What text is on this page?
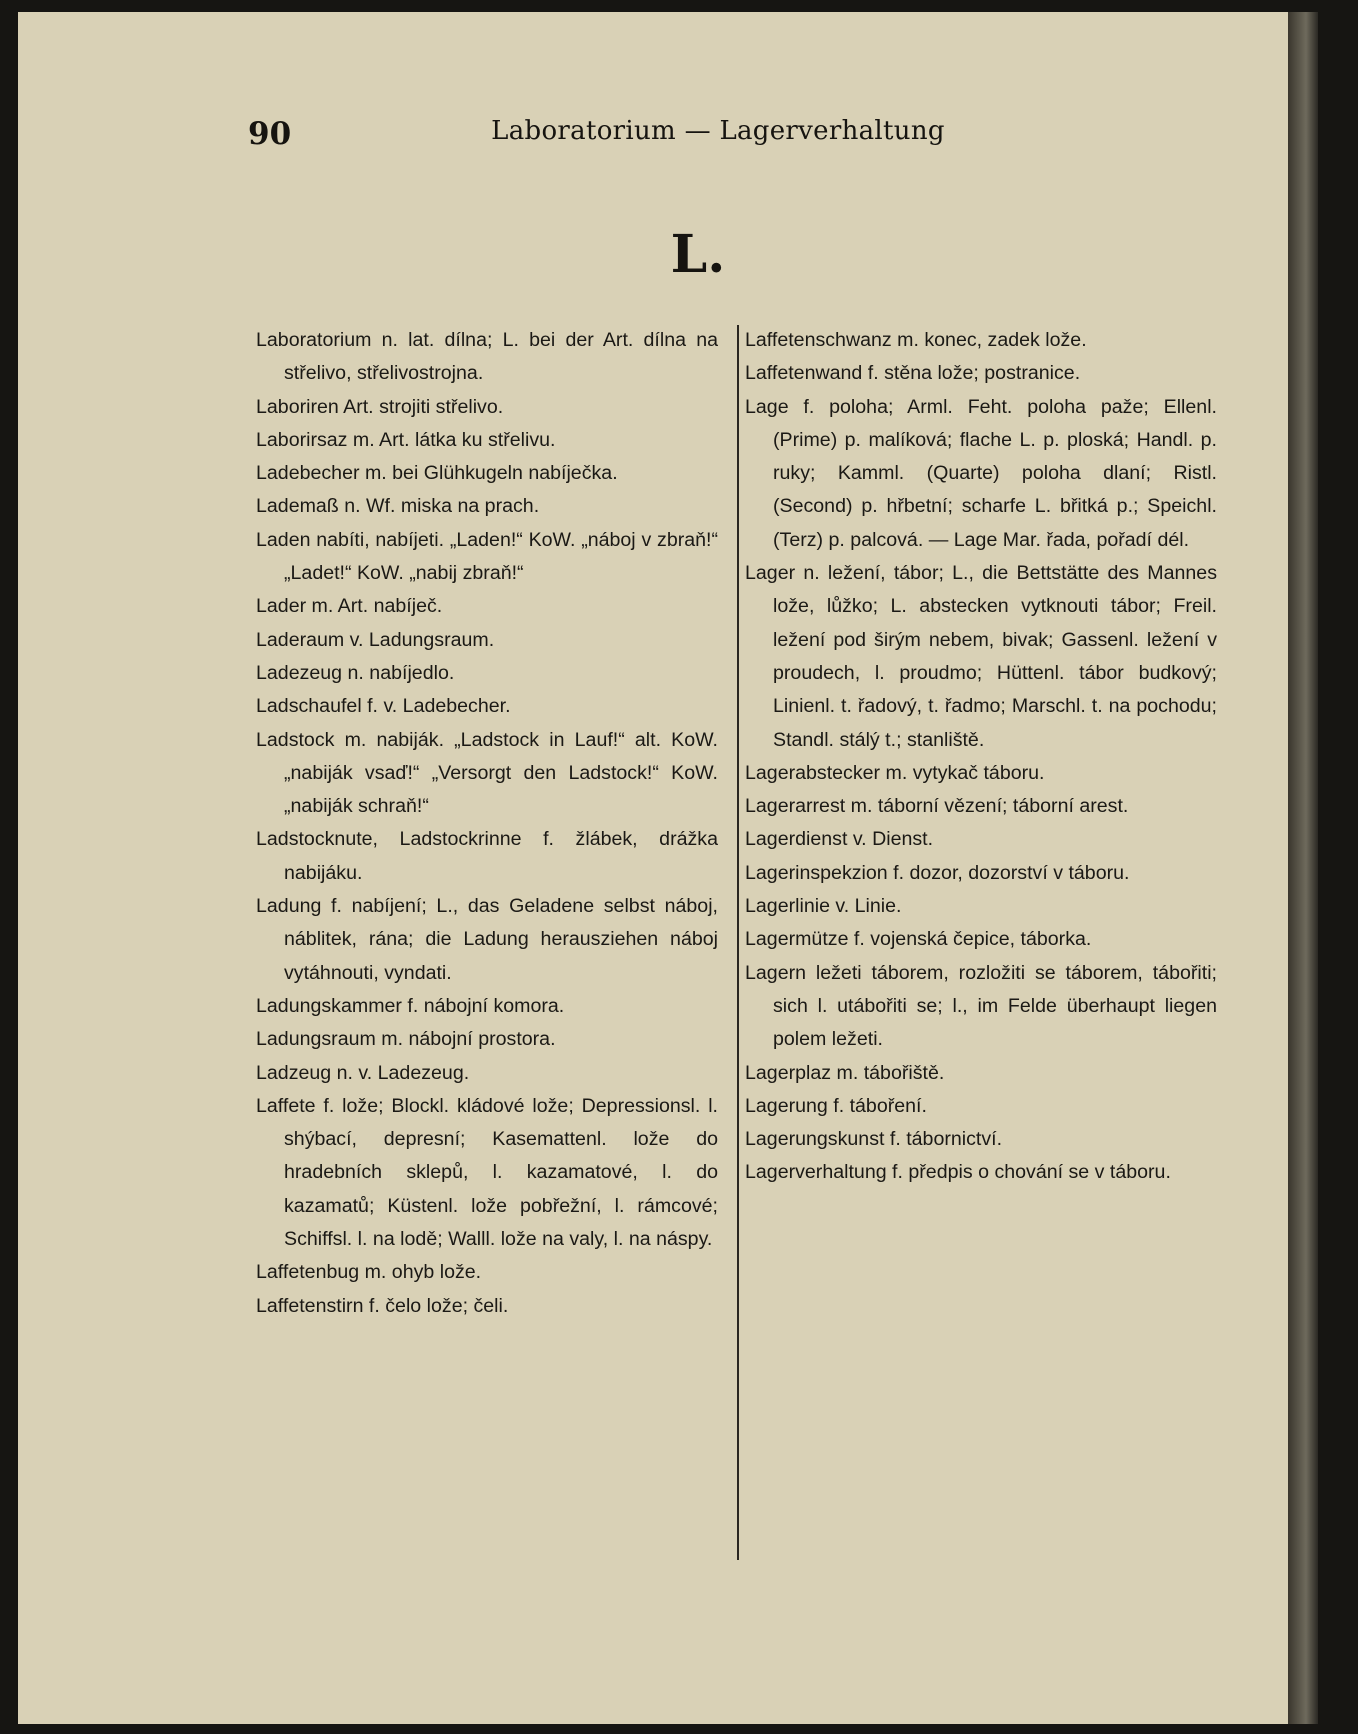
90	Laboratorium — Lagerverhaltung
L.

Laboratorium n. lat. dílna; L. bei der Art. dílna na střelivo, střelivostrojna.

Laboriren Art. strojiti střelivo.

Laborirsaz m. Art. látka ku střelivu.

Ladebecher m. bei Glühkugeln nabíječka.

Lademaß n. Wf. miska na prach.

Laden nabíti, nabíjeti. „Laden!“ KoW. „náboj v zbraň!“ „Ladet!“ KoW. „nabij zbraň!“

Lader m. Art. nabíječ.

Laderaum v. Ladungsraum.

Ladezeug n. nabíjedlo.

Ladschaufel f. v. Ladebecher.

Ladstock m. nabiják. „Ladstock in Lauf!“ alt. KoW. „nabiják vsaď!“ „Versorgt den Ladstock!“ KoW. „nabiják schraň!“

Ladstocknute, Ladstockrinne f. žlábek, drážka nabijáku.

Ladung f. nabíjení; L., das Geladene selbst náboj, náblitek, rána; die Ladung herausziehen náboj vytáhnouti, vyndati.

Ladungskammer f. nábojní komora.

Ladungsraum m. nábojní prostora.

Ladzeug n. v. Ladezeug.

Laffete f. lože; Blockl. kládové lože; Depressionsl. l. shýbací, depresní; Kasemattenl. lože do hradebních sklepů, l. kazamatové, l. do kazamatů; Küstenl. lože pobřežní, l. rámcové; Schiffsl. l. na lodě; Walll. lože na valy, l. na náspy.

Laffetenbug m. ohyb lože.

Laffetenstirn f. čelo lože; čeli.

Laffetenschwanz m. konec, zadek lože.

Laffetenwand f. stěna lože; postranice.

Lage f. poloha; Arml. Feht. poloha paže; Ellenl. (Prime) p. malíková; flache L. p. ploská; Handl. p. ruky; Kamml. (Quarte) poloha dlaní; Ristl. (Second) p. hřbetní; scharfe L. břitká p.; Speichl. (Terz) p. palcová. — Lage Mar. řada, pořadí dél.

Lager n. ležení, tábor; L., die Bettstätte des Mannes lože, lůžko; L. abstecken vytknouti tábor; Freil. ležení pod širým nebem, bivak; Gassenl. ležení v proudech, l. proudmo; Hüttenl. tábor budkový; Linienl. t. řadový, t. řadmo; Marschl. t. na pochodu; Standl. stálý t.; stanliště.

Lagerabstecker m. vytykač táboru.

Lagerarrest m. táborní vězení; táborní arest.

Lagerdienst v. Dienst.

Lagerinspekzion f. dozor, dozorství v táboru.

Lagerlinie v. Linie.

Lagermütze f. vojenská čepice, táborka.

Lagern ležeti táborem, rozložiti se táborem, tábořiti; sich l. utábořiti se; l., im Felde überhaupt liegen polem ležeti.

Lagerplaz m. tábořiště.

Lagerung f. táboření.

Lagerungskunst f. tábornictví.

Lagerverhaltung f. předpis o chování se v táboru.
